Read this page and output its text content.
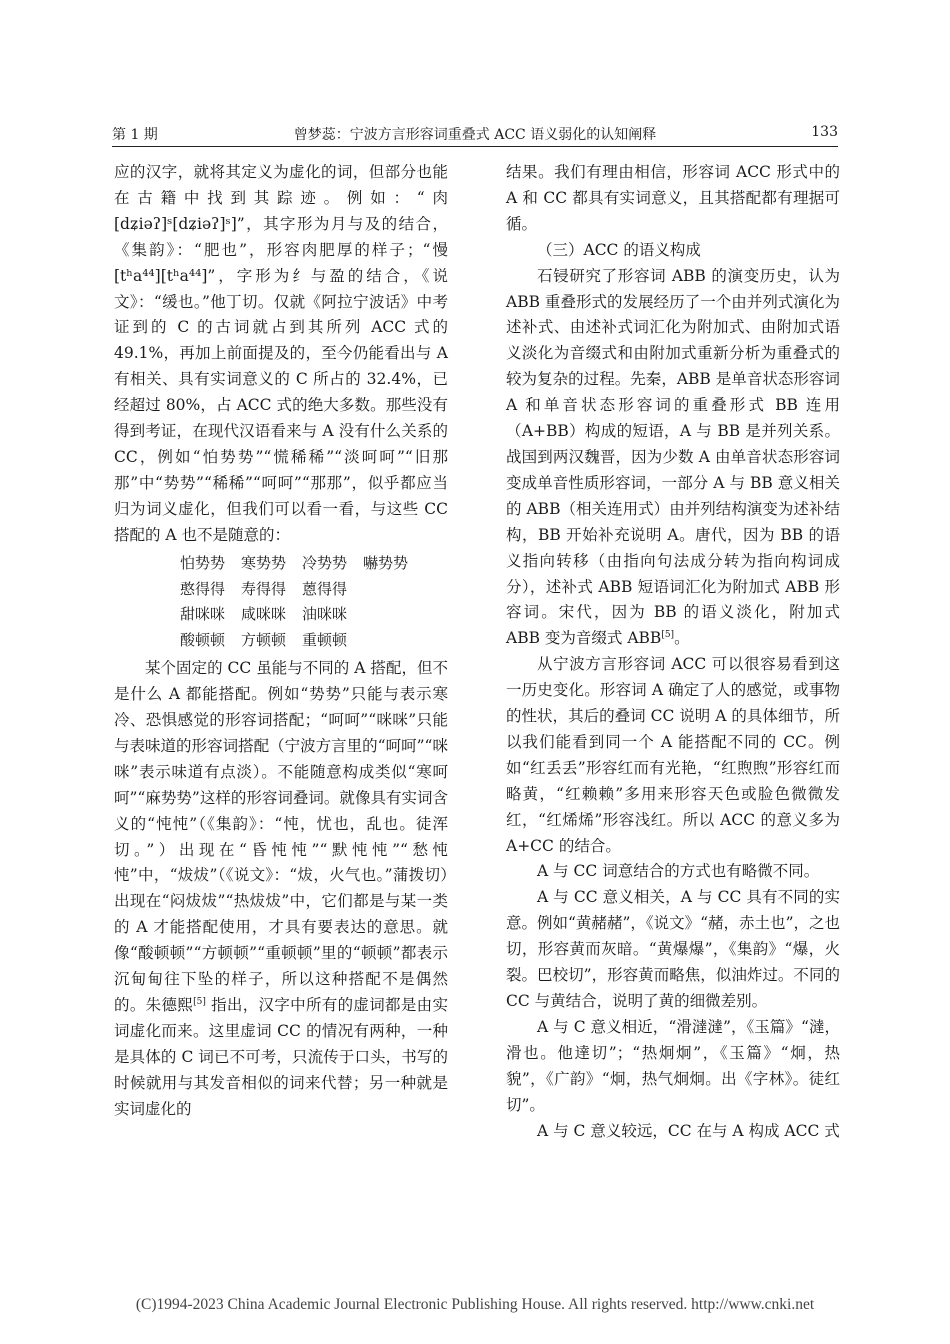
第 1 期	曾梦蕊：宁波方言形容词重叠式 ACC 语义弱化的认知阐释	133

应的汉字，就将其定义为虚化的词，但部分也能在古籍中找到其踪迹。例如：“肉[dʑiəʔ]ˢ[dʑiəʔ]ˢ]”，其字形为月与及的结合，《集韵》：“肥也”，形容肉肥厚的样子；“慢[tʰa⁴⁴][tʰa⁴⁴]”，字形为纟与盈的结合，《说文》：“缓也。”他丁切。仅就《阿拉宁波话》中考证到的 C 的古词就占到其所列 ACC 式的 49.1%，再加上前面提及的，至今仍能看出与 A 有相关、具有实词意义的 C 所占的 32.4%，已经超过 80%，占 ACC 式的绝大多数。那些没有得到考证，在现代汉语看来与 A 没有什么关系的 CC，例如“怕势势”“慌稀稀”“淡呵呵”“旧那那”中“势势”“稀稀”“呵呵”“那那”，似乎都应当归为词义虚化，但我们可以看一看，与这些 CC 搭配的 A 也不是随意的：

怕势势	寒势势	冷势势	嚇势势
憨得得	寿得得	蒽得得	
甜咪咪	咸咪咪	油咪咪	
酸顿顿	方顿顿	重顿顿	

某个固定的 CC 虽能与不同的 A 搭配，但不是什么 A 都能搭配。例如“势势”只能与表示寒冷、恐惧感觉的形容词搭配；“呵呵”“咪咪”只能与表味道的形容词搭配（宁波方言里的“呵呵”“咪咪”表示味道有点淡）。不能随意构成类似“寒呵呵”“麻势势”这样的形容词叠词。就像具有实词含义的“忳忳”（《集韵》：“忳，忧也，乱也。徒浑切。”）出现在“昏忳忳”“默忳忳”“愁忳忳”中，“炦炦”（《说文》：“炦，火气也。”蒲拨切）出现在“闷炦炦”“热炦炦”中，它们都是与某一类的 A 才能搭配使用，才具有要表达的意思。就像“酸顿顿”“方顿顿”“重顿顿”里的“顿顿”都表示沉甸甸往下坠的样子，所以这种搭配不是偶然的。朱德熙[5] 指出，汉字中所有的虚词都是由实词虚化而来。这里虚词 CC 的情况有两种，一种是具体的 C 词已不可考，只流传于口头，书写的时候就用与其发音相似的词来代替；另一种就是实词虚化的

结果。我们有理由相信，形容词 ACC 形式中的 A 和 CC 都具有实词意义，且其搭配都有理据可循。

（三）ACC 的语义构成

石锓研究了形容词 ABB 的演变历史，认为 ABB 重叠形式的发展经历了一个由并列式演化为述补式、由述补式词汇化为附加式、由附加式语义淡化为音缀式和由附加式重新分析为重叠式的较为复杂的过程。先秦，ABB 是单音状态形容词 A 和单音状态形容词的重叠形式 BB 连用（A+BB）构成的短语，A 与 BB 是并列关系。战国到两汉魏晋，因为少数 A 由单音状态形容词变成单音性质形容词，一部分 A 与 BB 意义相关的 ABB（相关连用式）由并列结构演变为述补结构，BB 开始补充说明 A。唐代，因为 BB 的语义指向转移（由指向句法成分转为指向构词成分），述补式 ABB 短语词汇化为附加式 ABB 形容词。宋代，因为 BB 的语义淡化，附加式 ABB 变为音缀式 ABB[5]。

从宁波方言形容词 ACC 可以很容易看到这一历史变化。形容词 A 确定了人的感觉，或事物的性状，其后的叠词 CC 说明 A 的具体细节，所以我们能看到同一个 A 能搭配不同的 CC。例如“红丢丢”形容红而有光艳，“红煦煦”形容红而略黄，“红赖赖”多用来形容天色或脸色微微发红，“红烯烯”形容浅红。所以 ACC 的意义多为 A+CC 的结合。

A 与 CC 词意结合的方式也有略微不同。

A 与 CC 意义相关，A 与 CC 具有不同的实意。例如“黄赭赭”，《说文》“赭，赤土也”，之也切，形容黄而灰暗。“黄爆爆”，《集韵》“爆，火裂。巴校切”，形容黄而略焦，似油炸过。不同的 CC 与黄结合，说明了黄的细微差别。

A 与 C 意义相近，“滑澾澾”，《玉篇》“澾，滑也。他達切”；“热炯炯”，《玉篇》“炯，热貌”，《广韵》“炯，热气炯炯。出《字林》。徒红切”。

A 与 C 意义较远，CC 在与 A 构成 ACC 式

(C)1994-2023 China Academic Journal Electronic Publishing House. All rights reserved. http://www.cnki.net
